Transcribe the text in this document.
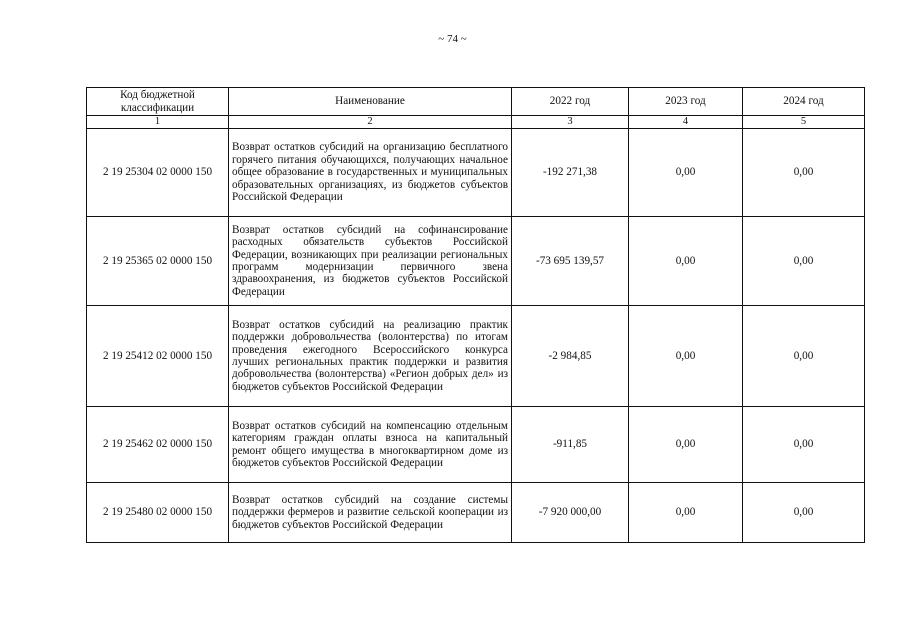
~ 74 ~
Код бюджетной классификации	Наименование	2022 год	2023 год	2024 год
1	2	3	4	5
2 19 25304 02 0000 150	Возврат остатков субсидий на организацию бесплатного горячего питания обучающихся, получающих начальное общее образование в государственных и муниципальных образовательных организациях, из бюджетов субъектов Российской Федерации	-192 271,38	0,00	0,00
2 19 25365 02 0000 150	Возврат остатков субсидий на софинансирование расходных обязательств субъектов Российской Федерации, возникающих при реализации региональных программ модернизации первичного звена здравоохранения, из бюджетов субъектов Российской Федерации	-73 695 139,57	0,00	0,00
2 19 25412 02 0000 150	Возврат остатков субсидий на реализацию практик поддержки добровольчества (волонтерства) по итогам проведения ежегодного Всероссийского конкурса лучших региональных практик поддержки и развития добровольчества (волонтерства) «Регион добрых дел» из бюджетов субъектов Российской Федерации	-2 984,85	0,00	0,00
2 19 25462 02 0000 150	Возврат остатков субсидий на компенсацию отдельным категориям граждан оплаты взноса на капитальный ремонт общего имущества в многоквартирном доме из бюджетов субъектов Российской Федерации	-911,85	0,00	0,00
2 19 25480 02 0000 150	Возврат остатков субсидий на создание системы поддержки фермеров и развитие сельской кооперации из бюджетов субъектов Российской Федерации	-7 920 000,00	0,00	0,00
